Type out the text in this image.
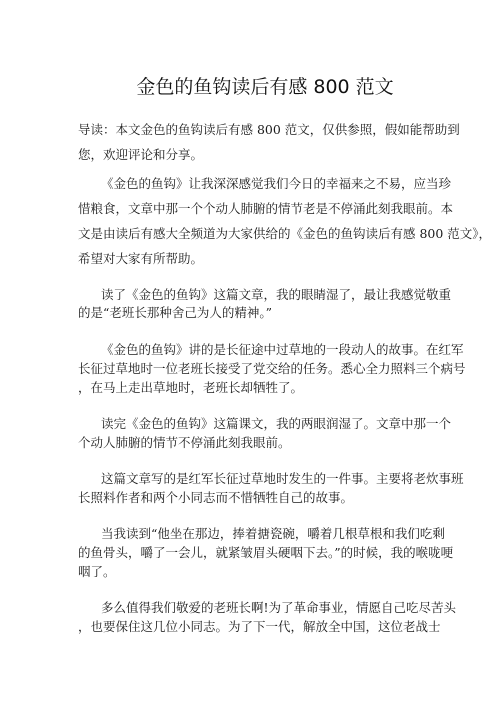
金色的鱼钩读后有感 800 范文
导读：本文金色的鱼钩读后有感 800 范文，仅供参照，假如能帮助到
您，欢迎评论和分享。
《金色的鱼钩》让我深深感觉我们今日的幸福来之不易，应当珍
惜粮食，文章中那一个个动人肺腑的情节老是不停涌此刻我眼前。本
文是由读后有感大全频道为大家供给的《金色的鱼钩读后有感 800 范文》，
希望对大家有所帮助。
读了《金色的鱼钩》这篇文章，我的眼睛湿了，最让我感觉敬重
的是“老班长那种舍己为人的精神。”
《金色的鱼钩》讲的是长征途中过草地的一段动人的故事。在红军
长征过草地时一位老班长接受了党交给的任务。悉心全力照料三个病号
，在马上走出草地时，老班长却牺牲了。
读完《金色的鱼钩》这篇课文，我的两眼润湿了。文章中那一个
个动人肺腑的情节不停涌此刻我眼前。
这篇文章写的是红军长征过草地时发生的一件事。主要将老炊事班
长照料作者和两个小同志而不惜牺牲自己的故事。
当我读到“他坐在那边，捧着搪瓷碗，嚼着几根草根和我们吃剩
的鱼骨头，嚼了一会儿，就紧皱眉头硬咽下去。”的时候，我的喉咙哽
咽了。
多么值得我们敬爱的老班长啊!为了革命事业，情愿自己吃尽苦头
，也要保住这几位小同志。为了下一代，解放全中国，这位老战士
